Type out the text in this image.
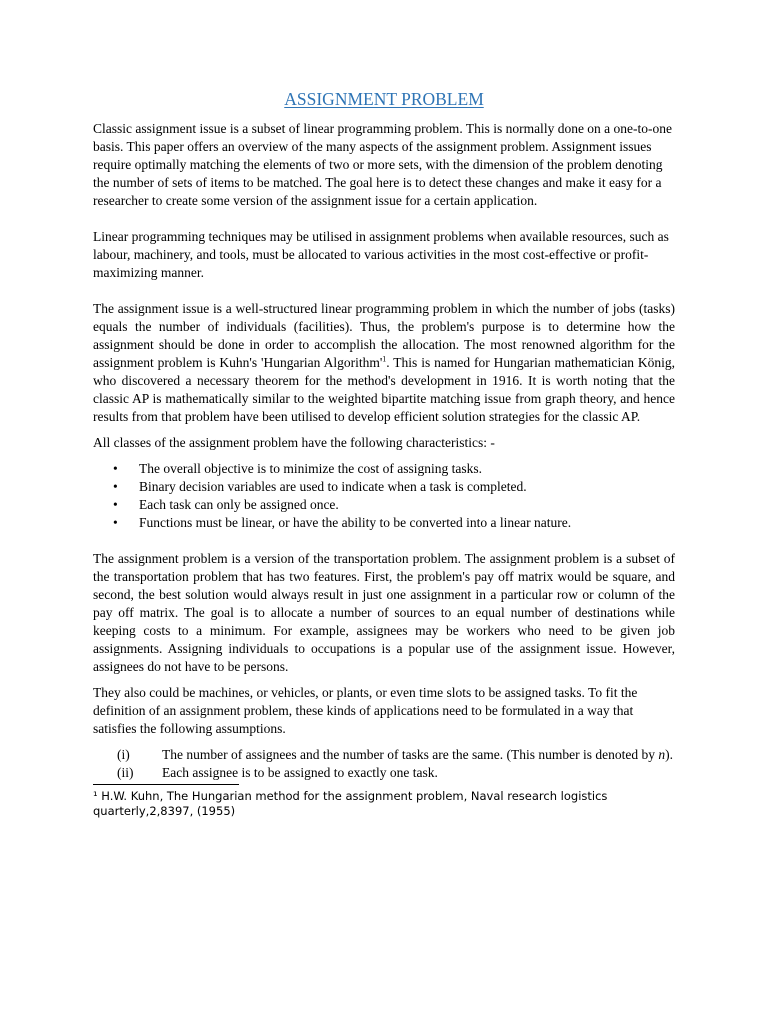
ASSIGNMENT PROBLEM

Classic assignment issue is a subset of linear programming problem. This is normally done on a one-to-one basis. This paper offers an overview of the many aspects of the assignment problem. Assignment issues require optimally matching the elements of two or more sets, with the dimension of the problem denoting the number of sets of items to be matched. The goal here is to detect these changes and make it easy for a researcher to create some version of the assignment issue for a certain application.

Linear programming techniques may be utilised in assignment problems when available resources, such as labour, machinery, and tools, must be allocated to various activities in the most cost-effective or profit-maximizing manner.

The assignment issue is a well-structured linear programming problem in which the number of jobs (tasks) equals the number of individuals (facilities). Thus, the problem's purpose is to determine how the assignment should be done in order to accomplish the allocation. The most renowned algorithm for the assignment problem is Kuhn's 'Hungarian $Algorithm'^1$. This is named for Hungarian mathematician König, who discovered a necessary theorem for the method's development in 1916. It is worth noting that the classic AP is mathematically similar to the weighted bipartite matching issue from graph theory, and hence results from that problem have been utilised to develop efficient solution strategies for the classic AP.

All classes of the assignment problem have the following characteristics: -

• The overall objective is to minimize the cost of assigning tasks.
• Binary decision variables are used to indicate when a task is completed.
• Each task can only be assigned once.
• Functions must be linear, or have the ability to be converted into a linear nature.

The assignment problem is a version of the transportation problem. The assignment problem is a subset of the transportation problem that has two features. First, the problem's pay off matrix would be square, and second, the best solution would always result in just one assignment in a particular row or column of the pay off matrix. The goal is to allocate a number of sources to an equal number of destinations while keeping costs to a minimum. For example, assignees may be workers who need to be given job assignments. Assigning individuals to occupations is a popular use of the assignment issue. However, assignees do not have to be persons.

They also could be machines, or vehicles, or plants, or even time slots to be assigned tasks. To fit the definition of an assignment problem, these kinds of applications need to be formulated in a way that satisfies the following assumptions.

(i) The number of assignees and the number of tasks are the same. (This number is denoted by n).
(ii) Each assignee is to be assigned to exactly one task.
¹ H.W. Kuhn, The Hungarian method for the assignment problem, Naval research logistics quarterly,2,8397, (1955)
